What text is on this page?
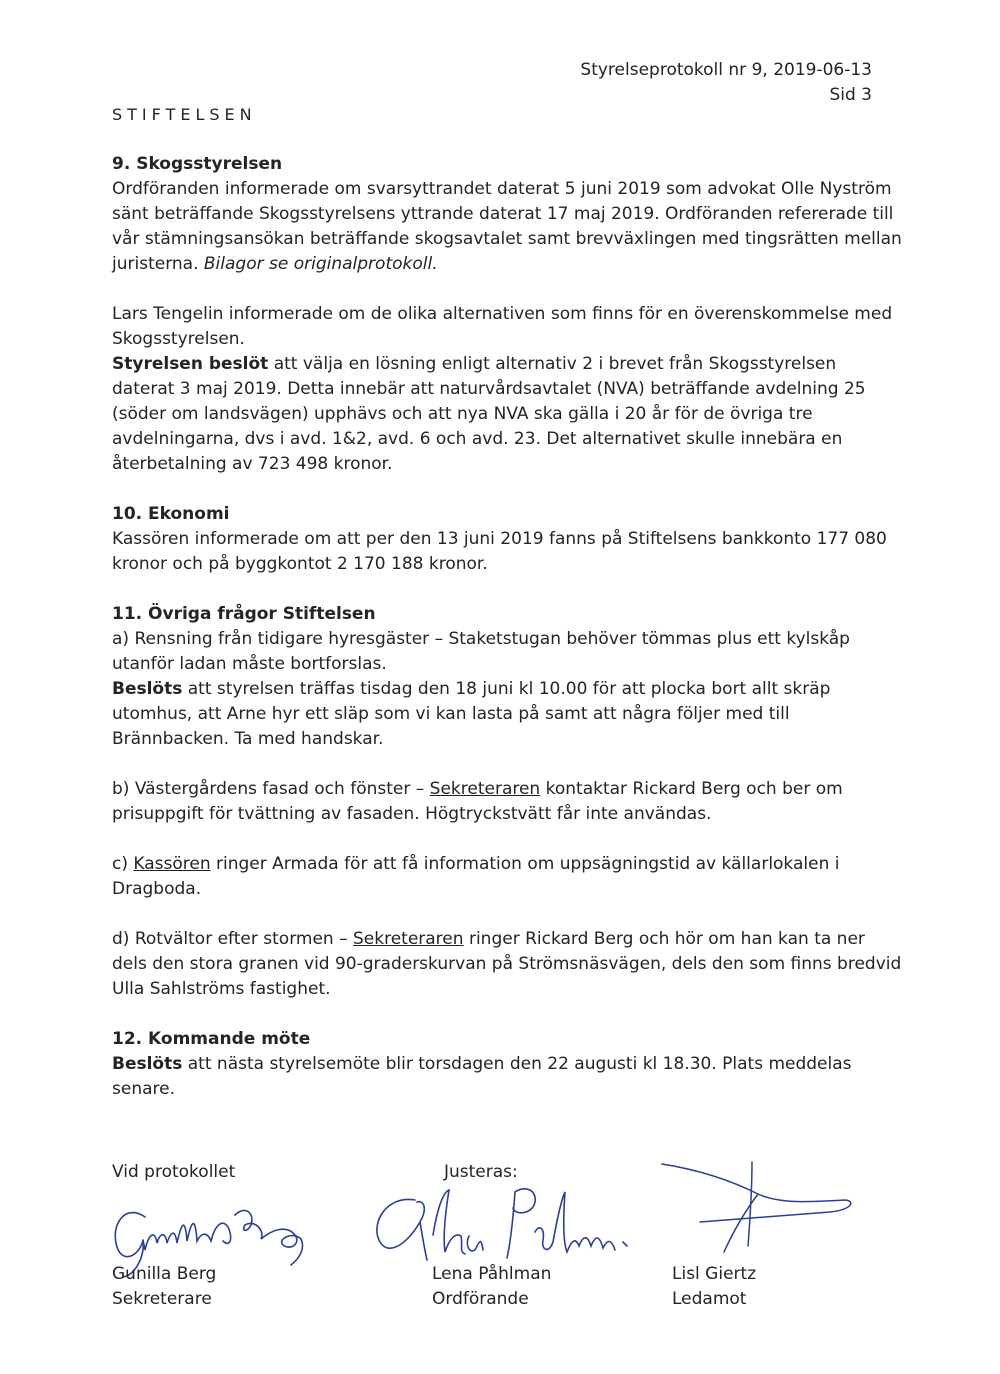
Styrelseprotokoll nr 9, 2019-06-13
Sid 3
STIFTELSEN
9. Skogsstyrelsen

Ordföranden informerade om svarsyttrandet daterat 5 juni 2019 som advokat Olle Nyström sänt beträffande Skogsstyrelsens yttrande daterat 17 maj 2019. Ordföranden refererade till vår stämningsansökan beträffande skogsavtalet samt brevväxlingen med tingsrätten mellan juristerna. Bilagor se originalprotokoll.

Lars Tengelin informerade om de olika alternativen som finns för en överenskommelse med Skogsstyrelsen.

Styrelsen beslöt att välja en lösning enligt alternativ 2 i brevet från Skogsstyrelsen daterat 3 maj 2019. Detta innebär att naturvårdsavtalet (NVA) beträffande avdelning 25 (söder om landsvägen) upphävs och att nya NVA ska gälla i 20 år för de övriga tre avdelningarna, dvs i avd. 1&2, avd. 6 och avd. 23. Det alternativet skulle innebära en återbetalning av 723 498 kronor.

10. Ekonomi

Kassören informerade om att per den 13 juni 2019 fanns på Stiftelsens bankkonto 177 080 kronor och på byggkontot 2 170 188 kronor.

11. Övriga frågor Stiftelsen

a) Rensning från tidigare hyresgäster – Staketstugan behöver tömmas plus ett kylskåp utanför ladan måste bortforslas.

Beslöts att styrelsen träffas tisdag den 18 juni kl 10.00 för att plocka bort allt skräp utomhus, att Arne hyr ett släp som vi kan lasta på samt att några följer med till Brännbacken. Ta med handskar.

b) Västergårdens fasad och fönster – Sekreteraren kontaktar Rickard Berg och ber om prisuppgift för tvättning av fasaden. Högtryckstvätt får inte användas.

c) Kassören ringer Armada för att få information om uppsägningstid av källarlokalen i Dragboda.

d) Rotvältor efter stormen – Sekreteraren ringer Rickard Berg och hör om han kan ta ner dels den stora granen vid 90-graderskurvan på Strömsnäsvägen, dels den som finns bredvid Ulla Sahlströms fastighet.

12. Kommande möte

Beslöts att nästa styrelsemöte blir torsdagen den 22 augusti kl 18.30. Plats meddelas senare.

Vid protokollet	Justeras:
Gunilla Berg
Sekreterare
Lena Påhlman
Ordförande
Lisl Giertz
Ledamot
